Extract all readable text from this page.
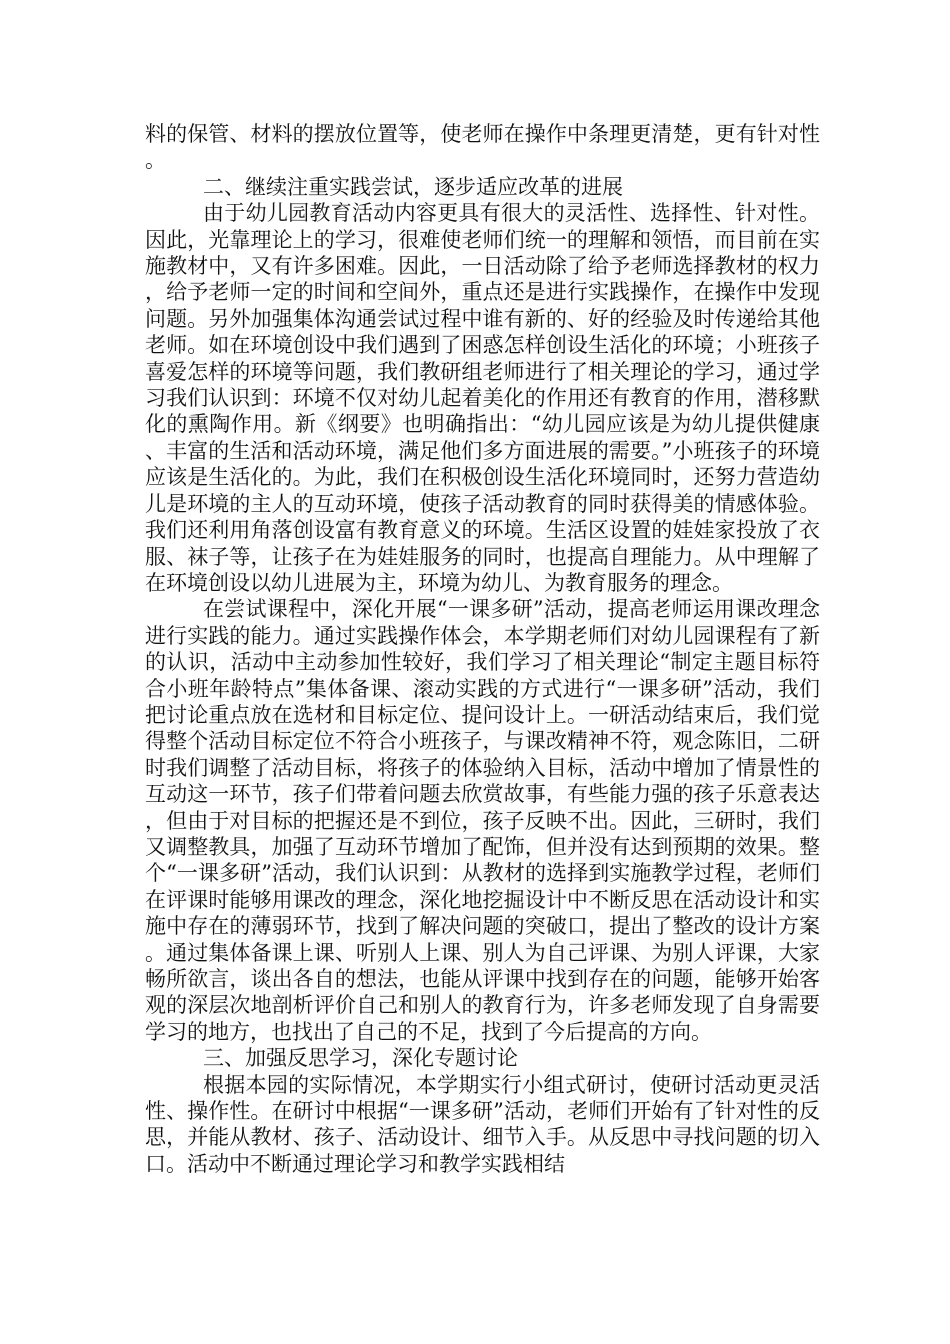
料的保管、材料的摆放位置等，使老师在操作中条理更清楚，更有针对性。

二、继续注重实践尝试，逐步适应改革的进展

由于幼儿园教育活动内容更具有很大的灵活性、选择性、针对性。因此，光靠理论上的学习，很难使老师们统一的理解和领悟，而目前在实施教材中，又有许多困难。因此，一日活动除了给予老师选择教材的权力，给予老师一定的时间和空间外，重点还是进行实践操作，在操作中发现问题。另外加强集体沟通尝试过程中谁有新的、好的经验及时传递给其他老师。如在环境创设中我们遇到了困惑怎样创设生活化的环境；小班孩子喜爱怎样的环境等问题，我们教研组老师进行了相关理论的学习，通过学习我们认识到：环境不仅对幼儿起着美化的作用还有教育的作用，潜移默化的熏陶作用。新《纲要》也明确指出：“幼儿园应该是为幼儿提供健康、丰富的生活和活动环境，满足他们多方面进展的需要。”小班孩子的环境应该是生活化的。为此，我们在积极创设生活化环境同时，还努力营造幼儿是环境的主人的互动环境，使孩子活动教育的同时获得美的情感体验。我们还利用角落创设富有教育意义的环境。生活区设置的娃娃家投放了衣服、袜子等，让孩子在为娃娃服务的同时，也提高自理能力。从中理解了在环境创设以幼儿进展为主，环境为幼儿、为教育服务的理念。

在尝试课程中，深化开展“一课多研”活动，提高老师运用课改理念进行实践的能力。通过实践操作体会，本学期老师们对幼儿园课程有了新的认识，活动中主动参加性较好，我们学习了相关理论“制定主题目标符合小班年龄特点”集体备课、滚动实践的方式进行“一课多研”活动，我们把讨论重点放在选材和目标定位、提问设计上。一研活动结束后，我们觉得整个活动目标定位不符合小班孩子，与课改精神不符，观念陈旧，二研时我们调整了活动目标，将孩子的体验纳入目标，活动中增加了情景性的互动这一环节，孩子们带着问题去欣赏故事，有些能力强的孩子乐意表达，但由于对目标的把握还是不到位，孩子反映不出。因此，三研时，我们又调整教具，加强了互动环节增加了配饰，但并没有达到预期的效果。整个“一课多研”活动，我们认识到：从教材的选择到实施教学过程，老师们在评课时能够用课改的理念，深化地挖掘设计中不断反思在活动设计和实施中存在的薄弱环节，找到了解决问题的突破口，提出了整改的设计方案。通过集体备课上课、听别人上课、别人为自己评课、为别人评课，大家畅所欲言，谈出各自的想法，也能从评课中找到存在的问题，能够开始客观的深层次地剖析评价自己和别人的教育行为，许多老师发现了自身需要学习的地方，也找出了自己的不足，找到了今后提高的方向。

三、加强反思学习，深化专题讨论

根据本园的实际情况，本学期实行小组式研讨，使研讨活动更灵活性、操作性。在研讨中根据“一课多研”活动，老师们开始有了针对性的反思，并能从教材、孩子、活动设计、细节入手。从反思中寻找问题的切入口。活动中不断通过理论学习和教学实践相结
